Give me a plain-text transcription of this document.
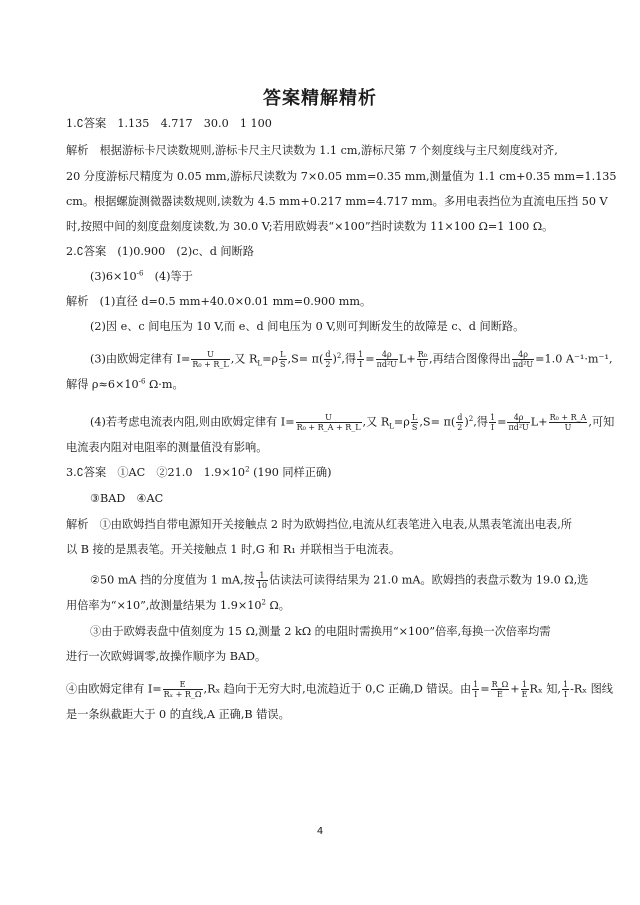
答案精解精析
1.∁答案　1.135　4.717　30.0　1 100
解析　根据游标卡尺读数规则,游标卡尺主尺读数为 1.1 cm,游标尺第 7 个刻度线与主尺刻度线对齐,
20 分度游标尺精度为 0.05 mm,游标尺读数为 7×0.05 mm=0.35 mm,测量值为 1.1 cm+0.35 mm=1.135
cm。根据螺旋测微器读数规则,读数为 4.5 mm+0.217 mm=4.717 mm。多用电表挡位为直流电压挡 50 V
时,按照中间的刻度盘刻度读数,为 30.0 V;若用欧姆表“×100”挡时读数为 11×100 Ω=1 100 Ω。
2.∁答案　(1)0.900　(2)c、d 间断路
$(3)6\times 10^{-6}$　(4)等于
解析　(1)直径 d=0.5 mm+40.0×0.01 mm=0.900 mm。
(2)因 e、c 间电压为 10 V,而 e、d 间电压为 0 V,则可判断发生的故障是 c、d 间断路。
(3)由欧姆定律有 $I= \frac{U}{\text{R₀ + R\_L}}$ ,又 $R_L=\rho \frac{L}{S} ,S= \pi( \frac{d}{2} )^2$,得 $\frac{1}{I} = \frac{4\rho}{\text{πd²U}} L+ \frac{\text{R₀}}{U}$ ,再结合图像得出 $\frac{4\rho}{\text{πd²U}} =1.0$ A⁻¹·m⁻¹,
解得 $\rho\approx 6\times 10^{-6}$ Ω·m。
(4)若考虑电流表内阻,则由欧姆定律有 $I= \frac{U}{\text{R₀ + R\_A + R\_L}}$ ,又 $R_L=\rho \frac{L}{S} ,S= \pi( \frac{d}{2} )^2$,得 $\frac{1}{I} = \frac{4\rho}{\text{πd²U}} L+ \frac{\text{R₀ + R\_A}}{U}$ ,可知
电流表内阻对电阻率的测量值没有影响。
3.∁答案　①AC　②21.0　$1.9\times 10^2$ (190 同样正确)
③BAD　④AC
解析　①由欧姆挡自带电源知开关接触点 2 时为欧姆挡位,电流从红表笔进入电表,从黑表笔流出电表,所
以 B 接的是黑表笔。开关接触点 1 时,G 和 R₁ 并联相当于电流表。
②50 mA 挡的分度值为 1 mA,按 $\frac{1}{10}$ 估读法可读得结果为 21.0 mA。欧姆挡的表盘示数为 19.0 Ω,选
用倍率为“×10”,故测量结果为 $1.9\times 10^2$ Ω。
③由于欧姆表盘中值刻度为 15 Ω,测量 2 kΩ 的电阻时需换用“×100”倍率,每换一次倍率均需
进行一次欧姆调零,故操作顺序为 BAD。
④由欧姆定律有 $I= \frac{E}{\text{Rₓ + R\_Ω}} ,R_x$ 趋向于无穷大时,电流趋近于 0,C 正确,D 错误。由 $\frac{1}{I} = \frac{R\_\Omega}{E} + \frac{1}{E}$ Rₓ 知, $\frac{1}{I} -R_x$ 图线
是一条纵截距大于 0 的直线,A 正确,B 错误。
4
